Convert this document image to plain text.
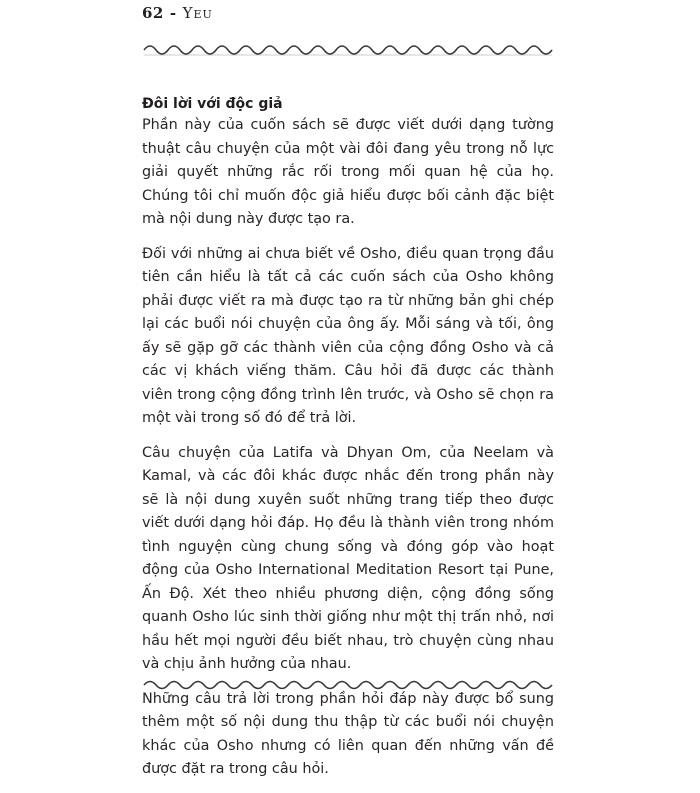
62 - Yeu
Đôi lời với độc giả

Phần này của cuốn sách sẽ được viết dưới dạng tường thuật câu chuyện của một vài đôi đang yêu trong nỗ lực giải quyết những rắc rối trong mối quan hệ của họ. Chúng tôi chỉ muốn độc giả hiểu được bối cảnh đặc biệt mà nội dung này được tạo ra.

Đối với những ai chưa biết về Osho, điều quan trọng đầu tiên cần hiểu là tất cả các cuốn sách của Osho không phải được viết ra mà được tạo ra từ những bản ghi chép lại các buổi nói chuyện của ông ấy. Mỗi sáng và tối, ông ấy sẽ gặp gỡ các thành viên của cộng đồng Osho và cả các vị khách viếng thăm. Câu hỏi đã được các thành viên trong cộng đồng trình lên trước, và Osho sẽ chọn ra một vài trong số đó để trả lời.

Câu chuyện của Latifa và Dhyan Om, của Neelam và Kamal, và các đôi khác được nhắc đến trong phần này sẽ là nội dung xuyên suốt những trang tiếp theo được viết dưới dạng hỏi đáp. Họ đều là thành viên trong nhóm tình nguyện cùng chung sống và đóng góp vào hoạt động của Osho International Meditation Resort tại Pune, Ấn Độ. Xét theo nhiều phương diện, cộng đồng sống quanh Osho lúc sinh thời giống như một thị trấn nhỏ, nơi hầu hết mọi người đều biết nhau, trò chuyện cùng nhau và chịu ảnh hưởng của nhau.

Những câu trả lời trong phần hỏi đáp này được bổ sung thêm một số nội dung thu thập từ các buổi nói chuyện khác của Osho nhưng có liên quan đến những vấn đề được đặt ra trong câu hỏi.
